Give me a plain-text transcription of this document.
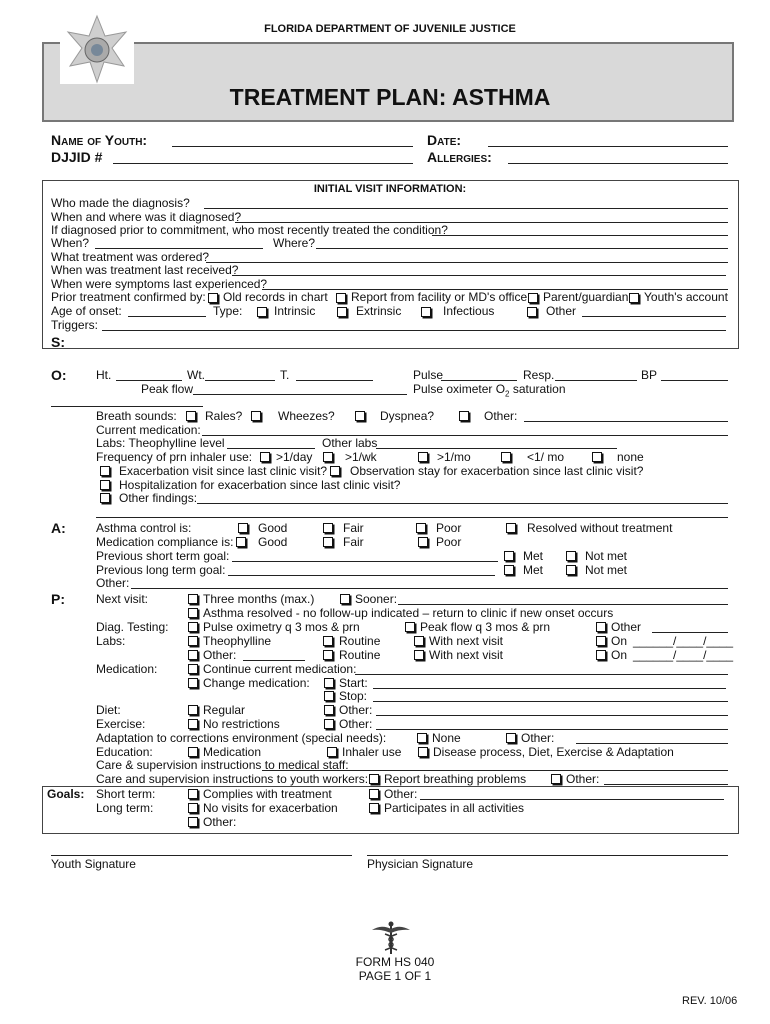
FLORIDA DEPARTMENT OF JUVENILE JUSTICE
TREATMENT PLAN: ASTHMA
Name of Youth:	Date:
DJJID #	Allergies:
INITIAL VISIT INFORMATION:
Who made the diagnosis?
When and where was it diagnosed?
If diagnosed prior to commitment, who most recently treated the condition?
When?	Where?
What treatment was ordered?
When was treatment last received?
When were symptoms last experienced?
Prior treatment confirmed by: Old records in chart Report from facility or MD's office Parent/guardian Youth's account
Age of onset:	Type:	Intrinsic	Extrinsic	Infectious	Other
Triggers:
S:
O: Ht.	Wt.	T.	Pulse	Resp.	BP
Peak flow	Pulse oximeter $O_2$ saturation
Breath sounds: Rales?	Wheezes?	Dyspnea?	Other:
Current medication:
Labs: Theophylline level	Other labs
Frequency of prn inhaler use: >1/day	>1/wk	>1/mo	<1/ mo	none
Exacerbation visit since last clinic visit? Observation stay for exacerbation since last clinic visit?
Hospitalization for exacerbation since last clinic visit?
Other findings:
A:	Asthma control is:	Good	Fair	Poor	Resolved without treatment
Medication compliance is: Good	Fair	Poor
Previous short term goal:	Met	Not met
Previous long term goal:	Met	Not met
Other:
P:	Next visit:	Three months (max.)	Sooner:
Asthma resolved - no follow-up indicated – return to clinic if new onset occurs
Diag. Testing:	Pulse oximetry q 3 mos & prn	Peak flow q 3 mos & prn	Other
Labs:	Theophylline	Routine	With next visit	On ______/____/____
Other:	Routine	With next visit	On ______/____/____
Medication:	Continue current medication:
Change medication: Start:
Stop:
Diet:	Regular	Other:
Exercise:	No restrictions	Other:
Adaptation to corrections environment (special needs):	None	Other:
Education:	Medication	Inhaler use	Disease process, Diet, Exercise & Adaptation
Care & supervision instructions to medical staff:
Care and supervision instructions to youth workers: Report breathing problems	Other:
Goals: Short term:	Complies with treatment	Other:
Long term:	No visits for exacerbation	Participates in all activities
Other:
Youth Signature	Physician Signature
FORM HS 040
PAGE 1 OF 1
REV. 10/06
